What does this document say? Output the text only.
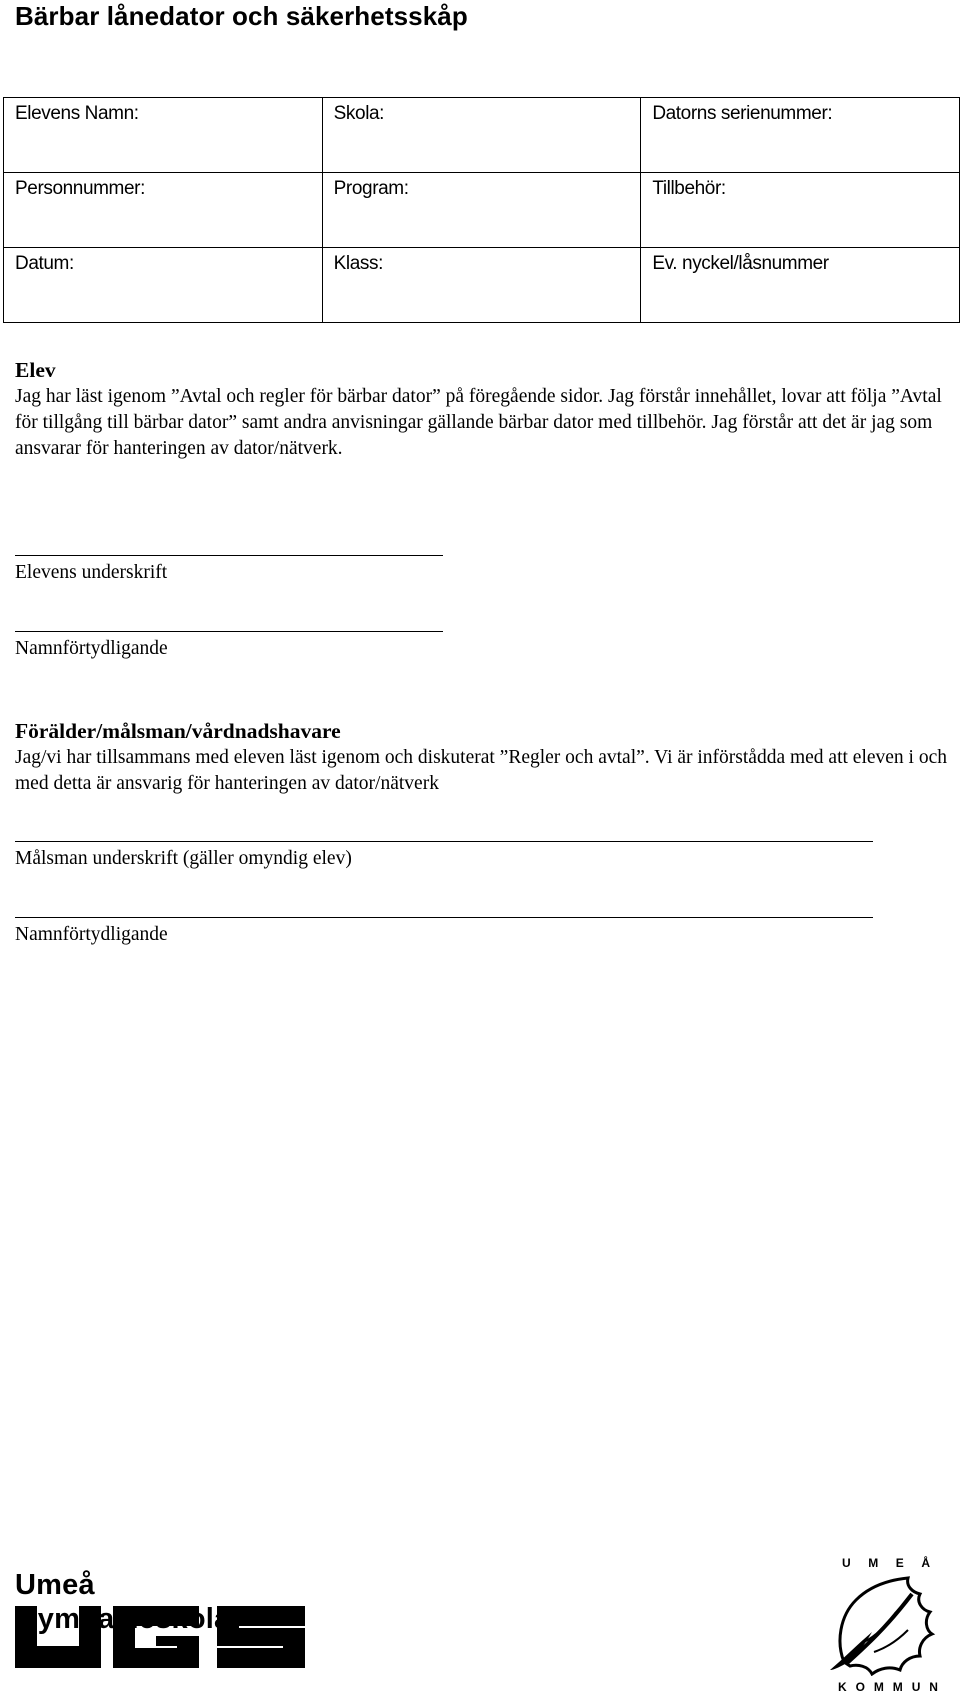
Bärbar lånedator och säkerhetsskåp
Elevens Namn:	Skola:	Datorns serienummer:

Personnummer:	Program:	Tillbehör:

Datum:	Klass:	Ev. nyckel/låsnummer
Elev
Jag har läst igenom ”Avtal och regler för bärbar dator” på föregående sidor. Jag förstår innehållet, lovar att följa ”Avtal för tillgång till bärbar dator” samt andra anvisningar gällande bärbar dator med tillbehör. Jag förstår att det är jag som ansvarar för hanteringen av dator/nätverk.
Elevens underskrift
Namnförtydligande
Förälder/målsman/vårdnadshavare
Jag/vi har tillsammans med eleven läst igenom och diskuterat ”Regler och avtal”. Vi är införstådda med att eleven i och med detta är ansvarig för hanteringen av dator/nätverk
Målsman underskrift (gäller omyndig elev)
Namnförtydligande
Umeå
U M E Å
K O M M U N
